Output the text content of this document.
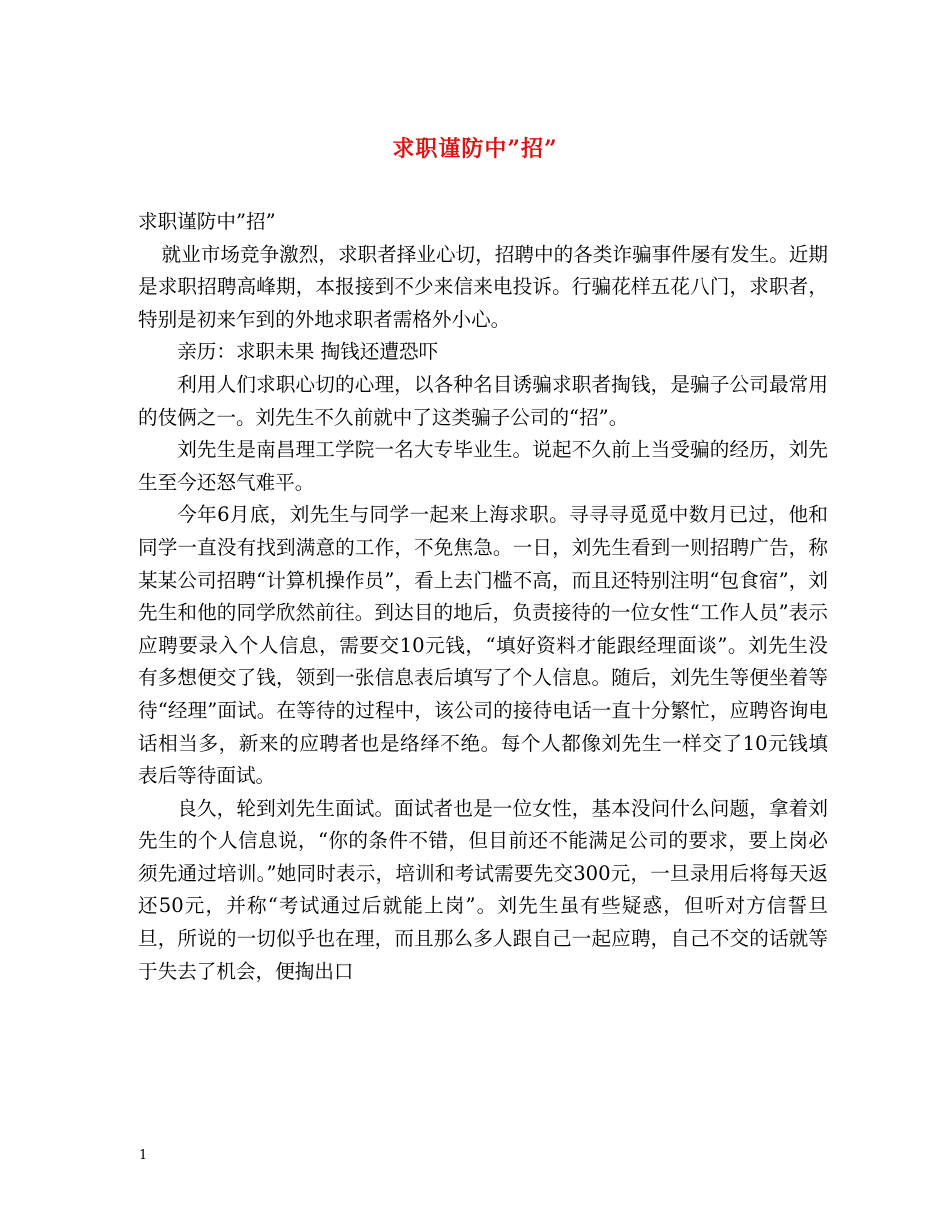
求职谨防中”招”

求职谨防中”招”

就业市场竞争激烈，求职者择业心切，招聘中的各类诈骗事件屡有发生。近期是求职招聘高峰期，本报接到不少来信来电投诉。行骗花样五花八门，求职者，特别是初来乍到的外地求职者需格外小心。

亲历：求职未果 掏钱还遭恐吓

利用人们求职心切的心理，以各种名目诱骗求职者掏钱，是骗子公司最常用的伎俩之一。刘先生不久前就中了这类骗子公司的“招”。

刘先生是南昌理工学院一名大专毕业生。说起不久前上当受骗的经历，刘先生至今还怒气难平。

今年6月底，刘先生与同学一起来上海求职。寻寻寻觅觅中数月已过，他和同学一直没有找到满意的工作，不免焦急。一日，刘先生看到一则招聘广告，称某某公司招聘“计算机操作员”，看上去门槛不高，而且还特别注明“包食宿”，刘先生和他的同学欣然前往。到达目的地后，负责接待的一位女性“工作人员”表示应聘要录入个人信息，需要交10元钱，“填好资料才能跟经理面谈”。刘先生没有多想便交了钱，领到一张信息表后填写了个人信息。随后，刘先生等便坐着等待“经理”面试。在等待的过程中，该公司的接待电话一直十分繁忙，应聘咨询电话相当多，新来的应聘者也是络绎不绝。每个人都像刘先生一样交了10元钱填表后等待面试。

良久，轮到刘先生面试。面试者也是一位女性，基本没问什么问题，拿着刘先生的个人信息说，“你的条件不错，但目前还不能满足公司的要求，要上岗必须先通过培训。”她同时表示，培训和考试需要先交300元，一旦录用后将每天返还50元，并称“考试通过后就能上岗”。刘先生虽有些疑惑，但听对方信誓旦旦，所说的一切似乎也在理，而且那么多人跟自己一起应聘，自己不交的话就等于失去了机会，便掏出口

1
